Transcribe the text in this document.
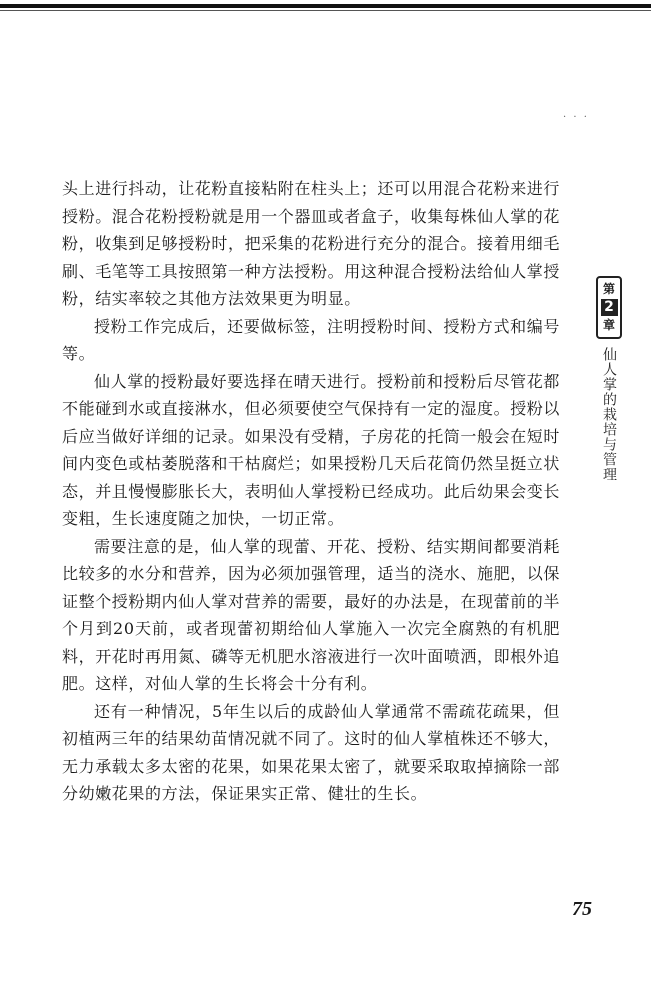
· · ·

头上进行抖动，让花粉直接粘附在柱头上；还可以用混合花粉来进行授粉。混合花粉授粉就是用一个器皿或者盒子，收集每株仙人掌的花粉，收集到足够授粉时，把采集的花粉进行充分的混合。接着用细毛刷、毛笔等工具按照第一种方法授粉。用这种混合授粉法给仙人掌授粉，结实率较之其他方法效果更为明显。

授粉工作完成后，还要做标签，注明授粉时间、授粉方式和编号等。

仙人掌的授粉最好要选择在晴天进行。授粉前和授粉后尽管花都不能碰到水或直接淋水，但必须要使空气保持有一定的湿度。授粉以后应当做好详细的记录。如果没有受精，子房花的托筒一般会在短时间内变色或枯萎脱落和干枯腐烂；如果授粉几天后花筒仍然呈挺立状态，并且慢慢膨胀长大，表明仙人掌授粉已经成功。此后幼果会变长变粗，生长速度随之加快，一切正常。

需要注意的是，仙人掌的现蕾、开花、授粉、结实期间都要消耗比较多的水分和营养，因为必须加强管理，适当的浇水、施肥，以保证整个授粉期内仙人掌对营养的需要，最好的办法是，在现蕾前的半个月到20天前，或者现蕾初期给仙人掌施入一次完全腐熟的有机肥料，开花时再用氮、磷等无机肥水溶液进行一次叶面喷洒，即根外追肥。这样，对仙人掌的生长将会十分有利。

还有一种情况，5年生以后的成龄仙人掌通常不需疏花疏果，但初植两三年的结果幼苗情况就不同了。这时的仙人掌植株还不够大，无力承载太多太密的花果，如果花果太密了，就要采取取掉摘除一部分幼嫩花果的方法，保证果实正常、健壮的生长。

第
2
章
仙人掌的栽培与管理
75
